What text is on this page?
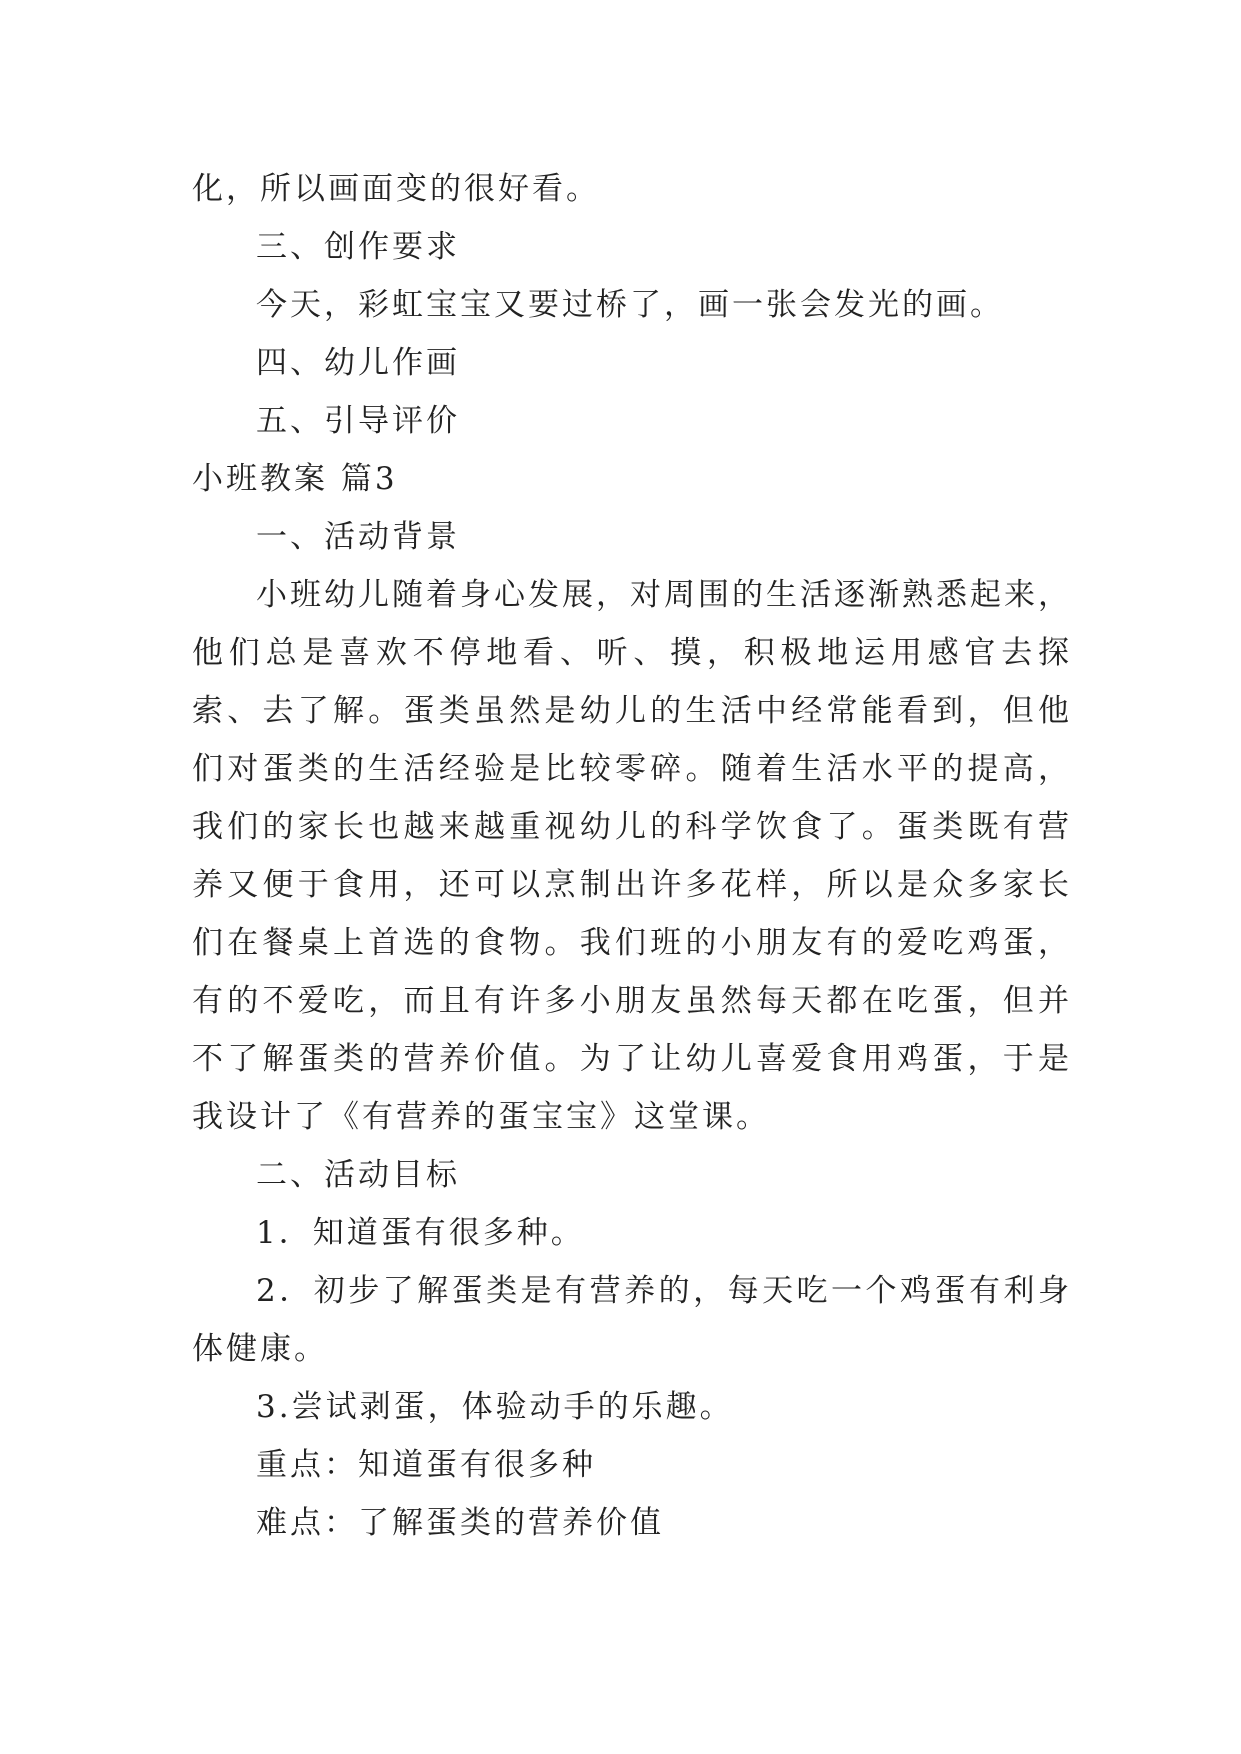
化，所以画面变的很好看。
三、创作要求
今天，彩虹宝宝又要过桥了，画一张会发光的画。
四、幼儿作画
五、引导评价
小班教案 篇3
一、活动背景

小班幼儿随着身心发展，对周围的生活逐渐熟悉起来，他们总是喜欢不停地看、听、摸，积极地运用感官去探索、去了解。蛋类虽然是幼儿的生活中经常能看到，但他们对蛋类的生活经验是比较零碎。随着生活水平的提高，我们的家长也越来越重视幼儿的科学饮食了。蛋类既有营养又便于食用，还可以烹制出许多花样，所以是众多家长们在餐桌上首选的食物。我们班的小朋友有的爱吃鸡蛋，有的不爱吃，而且有许多小朋友虽然每天都在吃蛋，但并不了解蛋类的营养价值。为了让幼儿喜爱食用鸡蛋，于是我设计了《有营养的蛋宝宝》这堂课。

二、活动目标
1．知道蛋有很多种。

2．初步了解蛋类是有营养的，每天吃一个鸡蛋有利身体健康。

3.尝试剥蛋，体验动手的乐趣。
重点：知道蛋有很多种
难点：了解蛋类的营养价值
